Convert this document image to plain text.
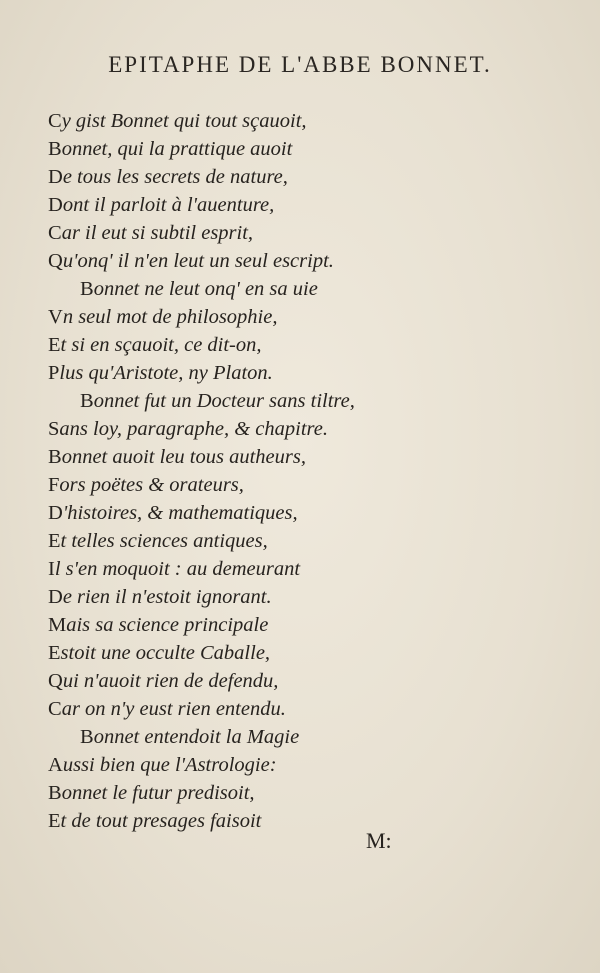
EPITAPHE DE L'ABBE BONNET.
Cy gist Bonnet qui tout sçauoit,
Bonnet, qui la prattique auoit
De tous les secrets de nature,
Dont il parloit à l'auenture,
Car il eut si subtil esprit,
Qu'onq' il n'en leut un seul escript.
Bonnet ne leut onq' en sa uie
Vn seul mot de philosophie,
Et si en sçauoit, ce dit-on,
Plus qu'Aristote, ny Platon.
Bonnet fut un Docteur sans tiltre,
Sans loy, paragraphe, & chapitre.
Bonnet auoit leu tous autheurs,
Fors poëtes & orateurs,
D'histoires, & mathematiques,
Et telles sciences antiques,
Il s'en moquoit : au demeurant
De rien il n'estoit ignorant.
Mais sa science principale
Estoit une occulte Caballe,
Qui n'auoit rien de defendu,
Car on n'y eust rien entendu.
Bonnet entendoit la Magie
Aussi bien que l'Astrologie:
Bonnet le futur predisoit,
Et de tout presages faisoit
M:
